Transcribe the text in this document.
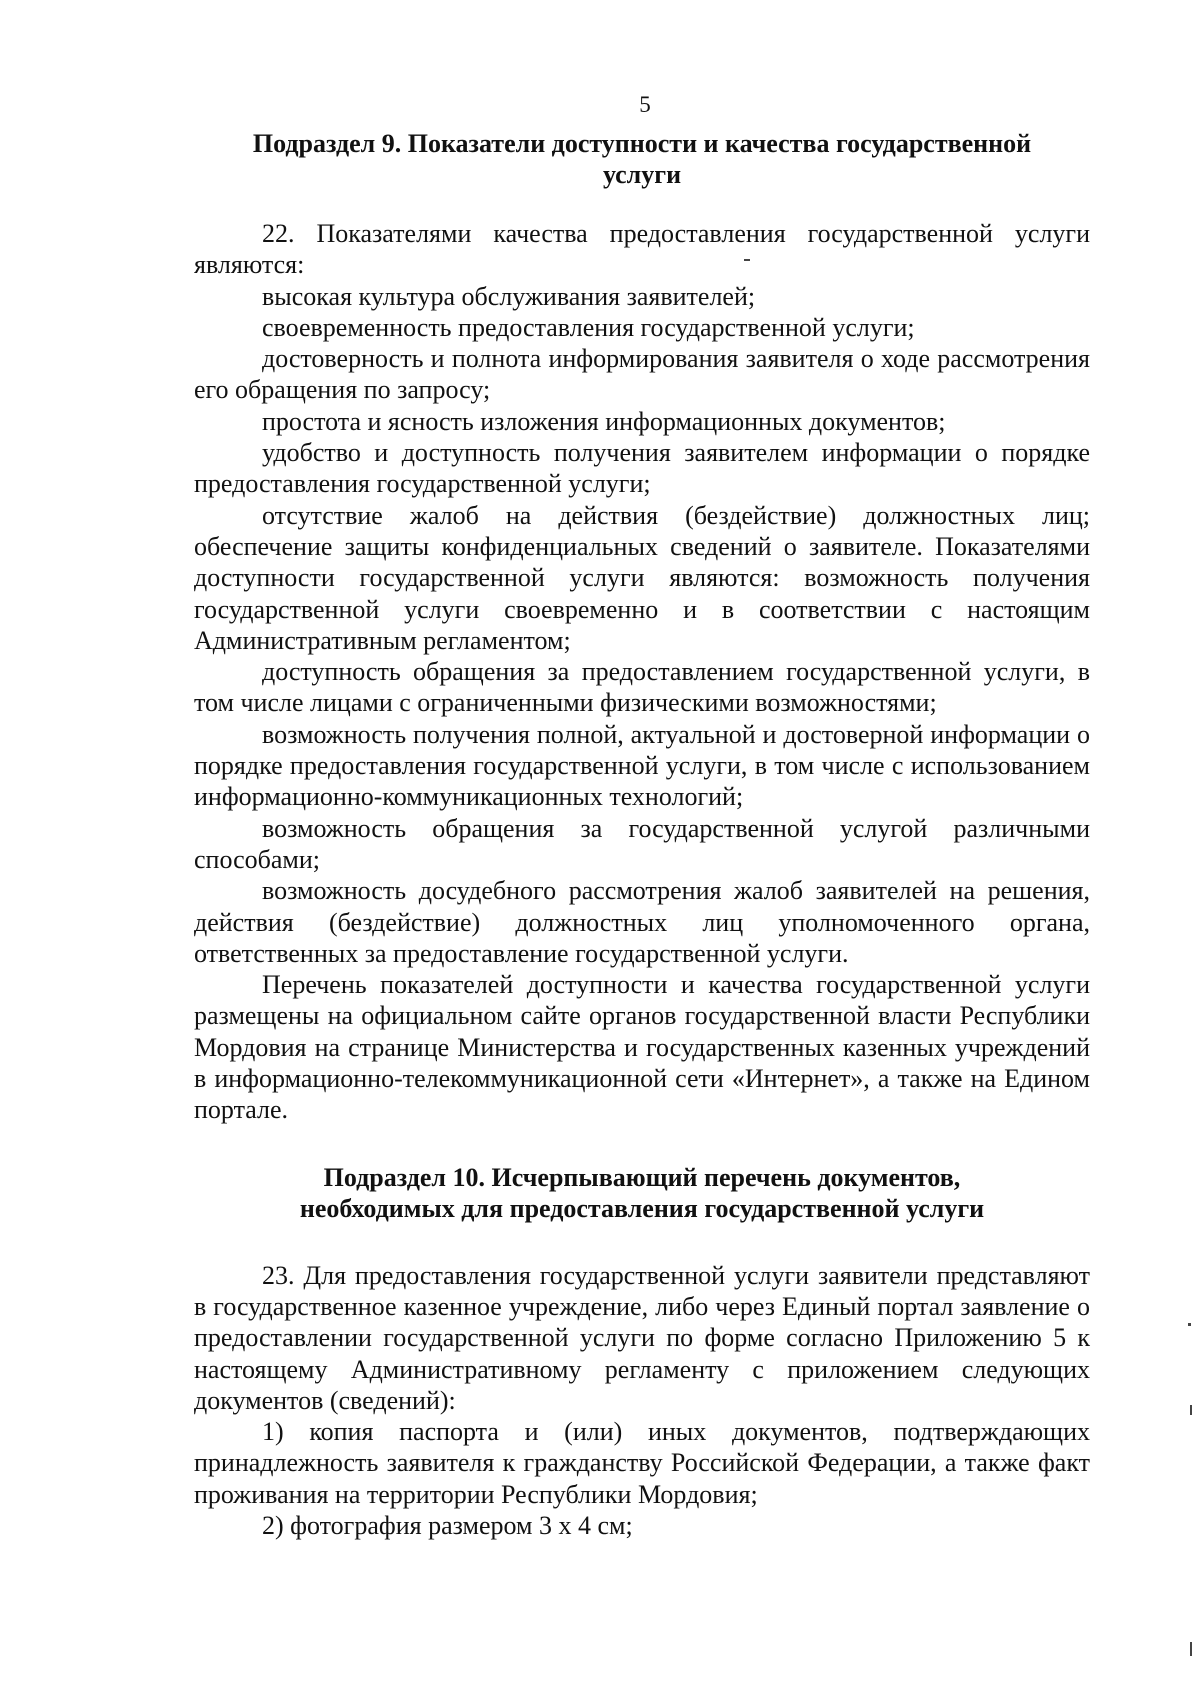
5
Подраздел 9. Показатели доступности и качества государственной
услуги

22. Показателями качества предоставления государственной услуги являются:

высокая культура обслуживания заявителей;

своевременность предоставления государственной услуги;

достоверность и полнота информирования заявителя о ходе рассмотрения его обращения по запросу;

простота и ясность изложения информационных документов;

удобство и доступность получения заявителем информации о порядке предоставления государственной услуги;

отсутствие жалоб на действия (бездействие) должностных лиц; обеспечение защиты конфиденциальных сведений о заявителе. Показателями доступности государственной услуги являются: возможность получения государственной услуги своевременно и в соответствии с настоящим Административным регламентом;

доступность обращения за предоставлением государственной услуги, в том числе лицами с ограниченными физическими возможностями;

возможность получения полной, актуальной и достоверной информации о порядке предоставления государственной услуги, в том числе с использованием информационно-коммуникационных технологий;

возможность обращения за государственной услугой различными способами;

возможность досудебного рассмотрения жалоб заявителей на решения, действия (бездействие) должностных лиц уполномоченного органа, ответственных за предоставление государственной услуги.

Перечень показателей доступности и качества государственной услуги размещены на официальном сайте органов государственной власти Республики Мордовия на странице Министерства и государственных казенных учреждений в информационно-телекоммуникационной сети «Интернет», а также на Едином портале.

Подраздел 10. Исчерпывающий перечень документов,
необходимых для предоставления государственной услуги

23. Для предоставления государственной услуги заявители представляют в государственное казенное учреждение, либо через Единый портал заявление о предоставлении государственной услуги по форме согласно Приложению 5 к настоящему Административному регламенту с приложением следующих документов (сведений):

1) копия паспорта и (или) иных документов, подтверждающих принадлежность заявителя к гражданству Российской Федерации, а также факт проживания на территории Республики Мордовия;

2) фотография размером 3 х 4 см;
